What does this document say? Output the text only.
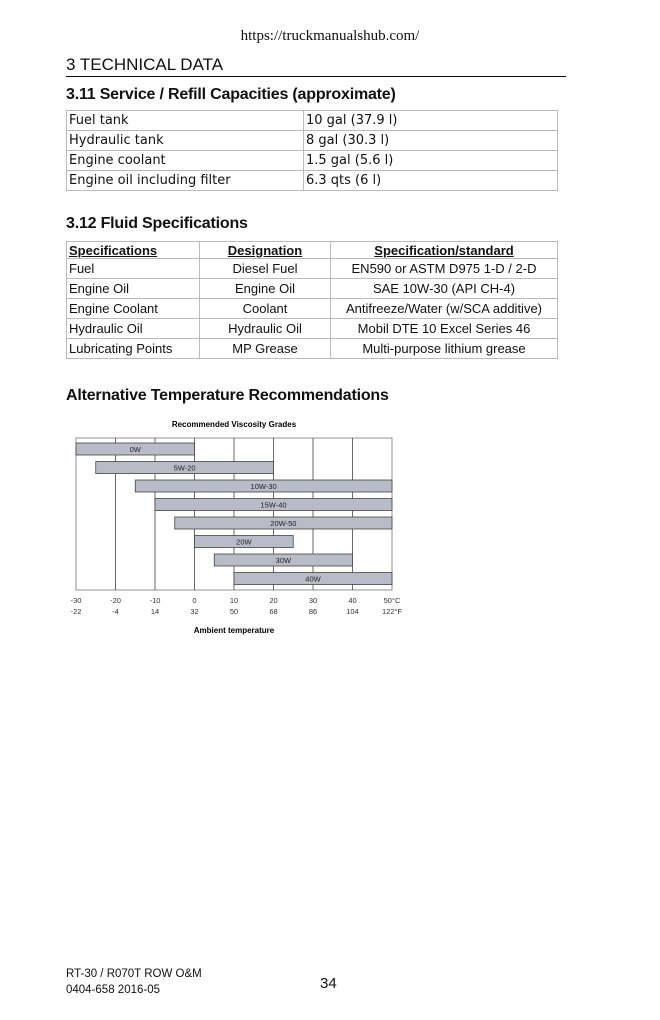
https://truckmanualshub.com/
3 TECHNICAL DATA
3.11 Service / Refill Capacities (approximate)
Fuel tank	10 gal (37.9 l)
Hydraulic tank	8 gal (30.3 l)
Engine coolant	1.5 gal (5.6 l)
Engine oil including filter	6.3 qts (6 l)
3.12 Fluid Specifications
Specifications	Designation	Specification/standard
Fuel	Diesel Fuel	EN590 or ASTM D975 1-D / 2-D
Engine Oil	Engine Oil	SAE 10W-30 (API CH-4)
Engine Coolant	Coolant	Antifreeze/Water (w/SCA additive)
Hydraulic Oil	Hydraulic Oil	Mobil DTE 10 Excel Series 46
Lubricating Points	MP Grease	Multi-purpose lithium grease
Alternative Temperature Recommendations
Recommended Viscosity Grades
Ambient temperature
0W
5W-20
10W-30
15W-40
20W-50
20W
30W
40W
-30	-20	-10	0	10	20	30	40	50°C
-22	-4	14	32	50	68	86	104	122°F
RT-30 / R070T ROW O&M
0404-658 2016-05	34
